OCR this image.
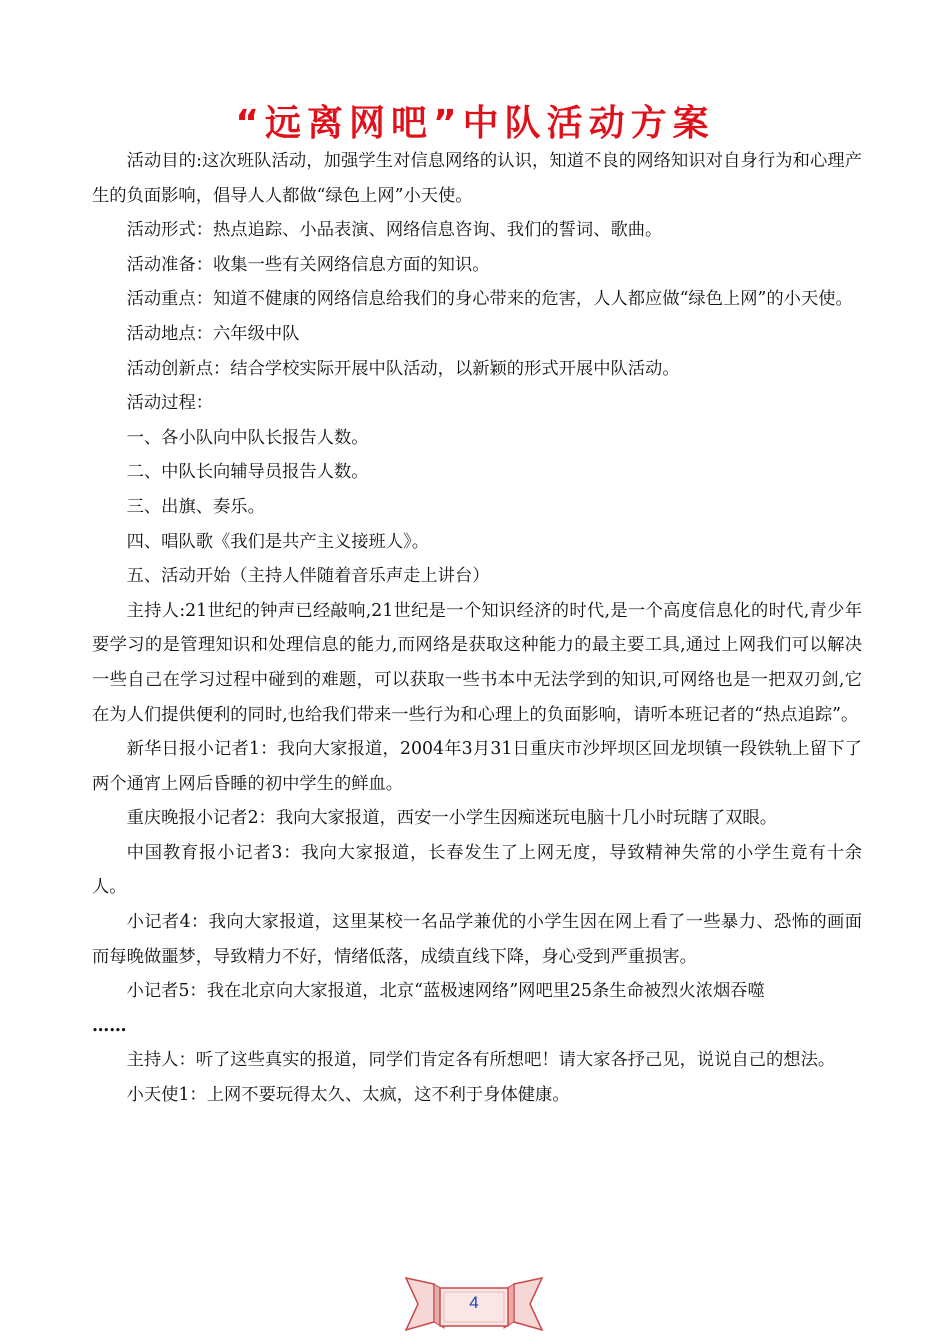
“远离网吧”中队活动方案

活动目的:这次班队活动，加强学生对信息网络的认识，知道不良的网络知识对自身行为和心理产生的负面影响，倡导人人都做“绿色上网”小天使。

活动形式：热点追踪、小品表演、网络信息咨询、我们的誓词、歌曲。

活动准备：收集一些有关网络信息方面的知识。

活动重点：知道不健康的网络信息给我们的身心带来的危害，人人都应做“绿色上网”的小天使。

活动地点：六年级中队

活动创新点：结合学校实际开展中队活动，以新颖的形式开展中队活动。

活动过程：

一、各小队向中队长报告人数。

二、中队长向辅导员报告人数。

三、出旗、奏乐。

四、唱队歌《我们是共产主义接班人》。

五、活动开始（主持人伴随着音乐声走上讲台）

主持人:21世纪的钟声已经敲响,21世纪是一个知识经济的时代,是一个高度信息化的时代,青少年要学习的是管理知识和处理信息的能力,而网络是获取这种能力的最主要工具,通过上网我们可以解决一些自己在学习过程中碰到的难题，可以获取一些书本中无法学到的知识,可网络也是一把双刃剑,它在为人们提供便利的同时,也给我们带来一些行为和心理上的负面影响，请听本班记者的“热点追踪”。

新华日报小记者1：我向大家报道，2004年3月31日重庆市沙坪坝区回龙坝镇一段铁轨上留下了两个通宵上网后昏睡的初中学生的鲜血。

重庆晚报小记者2：我向大家报道，西安一小学生因痴迷玩电脑十几小时玩瞎了双眼。

中国教育报小记者3：我向大家报道，长春发生了上网无度，导致精神失常的小学生竟有十余人。

小记者4：我向大家报道，这里某校一名品学兼优的小学生因在网上看了一些暴力、恐怖的画面而每晚做噩梦，导致精力不好，情绪低落，成绩直线下降，身心受到严重损害。

小记者5：我在北京向大家报道，北京“蓝极速网络”网吧里25条生命被烈火浓烟吞噬

……

主持人：听了这些真实的报道，同学们肯定各有所想吧！请大家各抒己见，说说自己的想法。

小天使1：上网不要玩得太久、太疯，这不利于身体健康。

4
